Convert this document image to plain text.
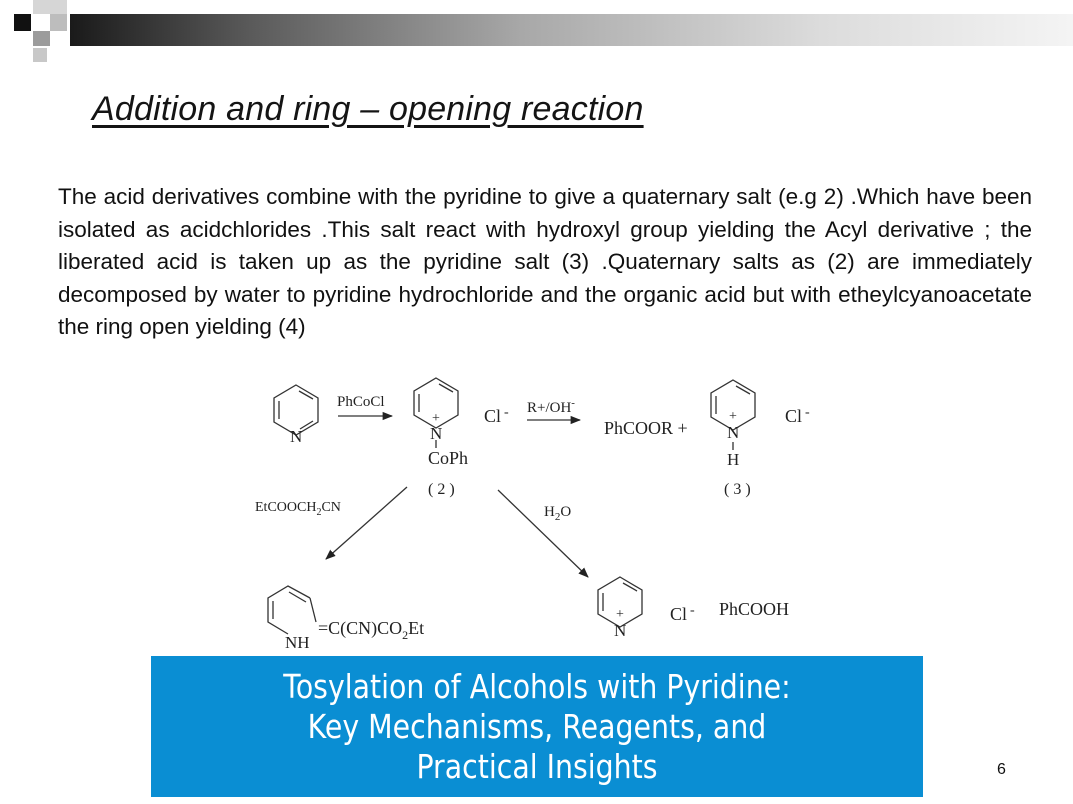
Addition and ring – opening reaction

The acid derivatives combine with the pyridine to give a quaternary salt (e.g 2) .Which have been isolated as acidchlorides .This salt react with hydroxyl group yielding the Acyl derivative ; the liberated acid is taken up as the pyridine salt (3) .Quaternary salts as (2) are immediately decomposed by water to pyridine hydrochloride and the organic acid but with etheylcyanoacetate the ring open yielding (4)

N
PhCoCl
N
+ Cl -
CoPh
( 2 )
R+/OH-
PhCOOR + N
+
H
Cl -
( 3 )
EtCOOCH$_2$CN	$H_2O$
NH
$=C(CN)CO_2Et$	N
+	Cl - PhCOOH
Tosylation of Alcohols with Pyridine:
Key Mechanisms, Reagents, and
Practical Insights	6
